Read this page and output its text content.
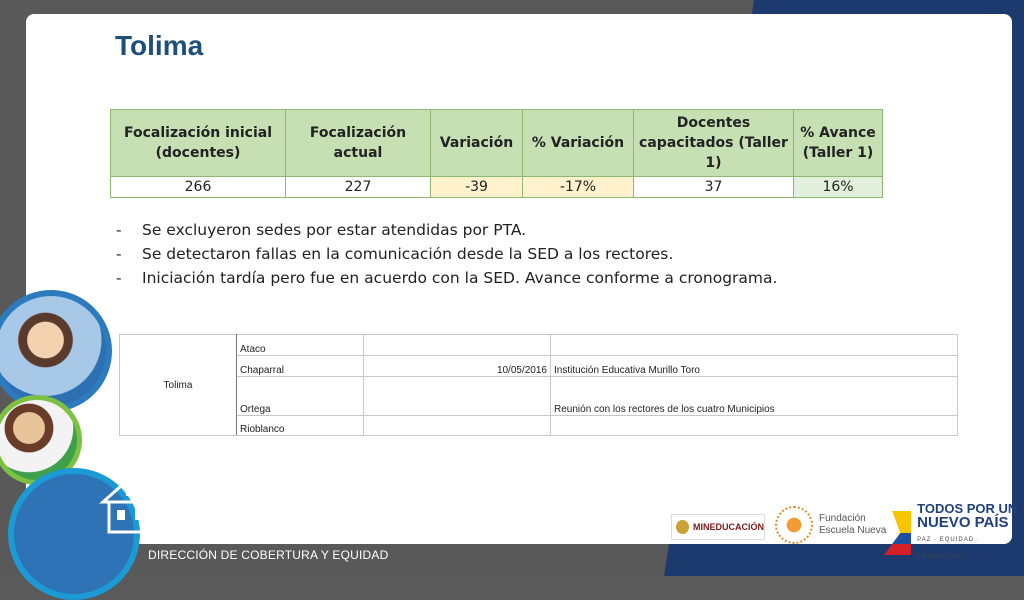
Tolima
Focalización inicial (docentes)	Focalización actual	Variación	% Variación	Docentes capacitados (Taller 1)	% Avance (Taller 1)
266	227	-39	-17%	37	16%
-	Se excluyeron sedes por estar atendidas por PTA.
-	Se detectaron fallas en la comunicación desde la SED a los rectores.
-	Iniciación tardía pero fue en acuerdo con la SED. Avance conforme a cronograma.
Tolima	Ataco		
	Chaparral	10/05/2016	Institución Educativa Murillo Toro
	Ortega		Reunión con los rectores de los cuatro Municipios
	Rioblanco		
DIRECCIÓN DE COBERTURA Y EQUIDAD
MINEDUCACIÓN
Fundación
Escuela Nueva
TODOS POR UN
NUEVO PAÍS
PAZ · EQUIDAD · EDUCACIÓN
